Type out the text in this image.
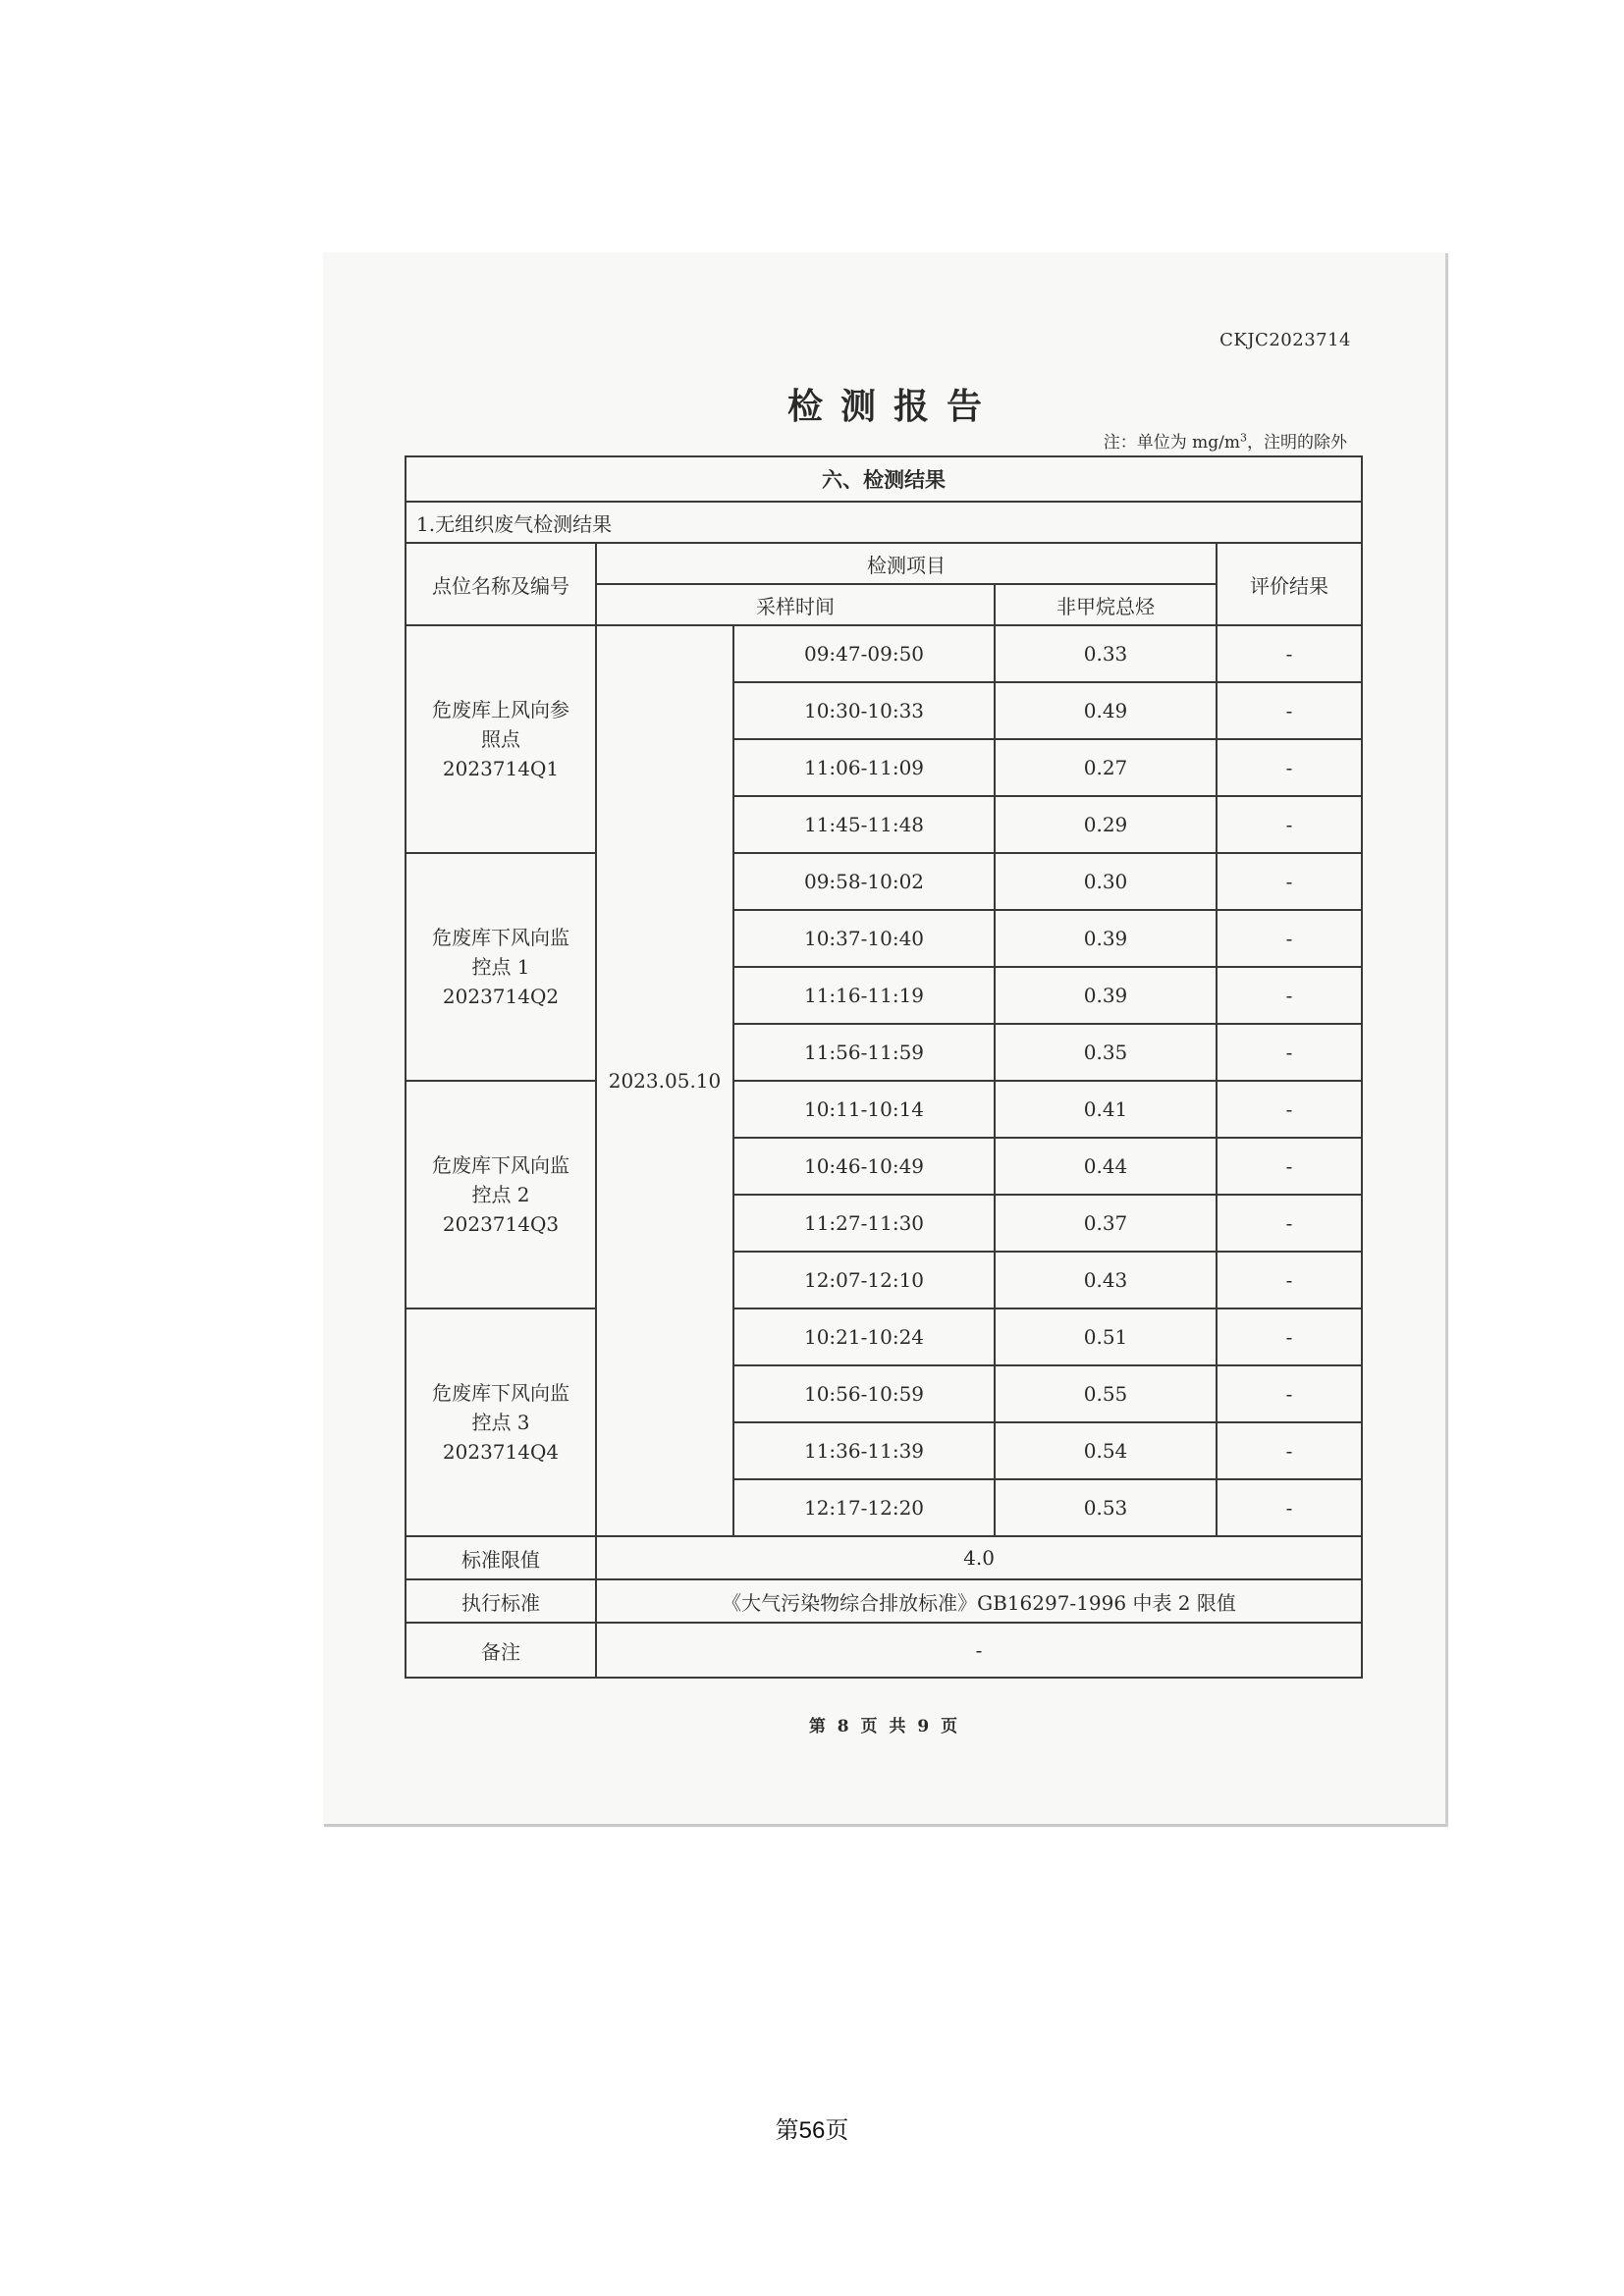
CKJC2023714
检测报告
注：单位为 $mg/m^3$，注明的除外
六、检测结果				
1.无组织废气检测结果				
点位名称及编号	检测项目			评价结果
	采样时间		非甲烷总烃	

危废库上风向参
照点 2023714Q1	2023.05.10	09:47-09:50	0.33	-
		10:30-10:33	0.49	-
		11:06-11:09	0.27	-
		11:45-11:48	0.29	-

危废库下风向监
控点 1
2023714Q2		09:58-10:02	0.30	-
		10:37-10:40	0.39	-
		11:16-11:19	0.39	-
		11:56-11:59	0.35	-

危废库下风向监
控点 2
2023714Q3		10:11-10:14	0.41	-
		10:46-10:49	0.44	-
		11:27-11:30	0.37	-
		12:07-12:10	0.43	-

危废库下风向监
控点 3
2023714Q4		10:21-10:24	0.51	-
		10:56-10:59	0.55	-
		11:36-11:39	0.54	-
		12:17-12:20	0.53	-
标准限值	4.0			
执行标准	《大气污染物综合排放标准》GB16297-1996 中表 2 限值			
备注	-			
第 8 页 共 9 页
第56页
